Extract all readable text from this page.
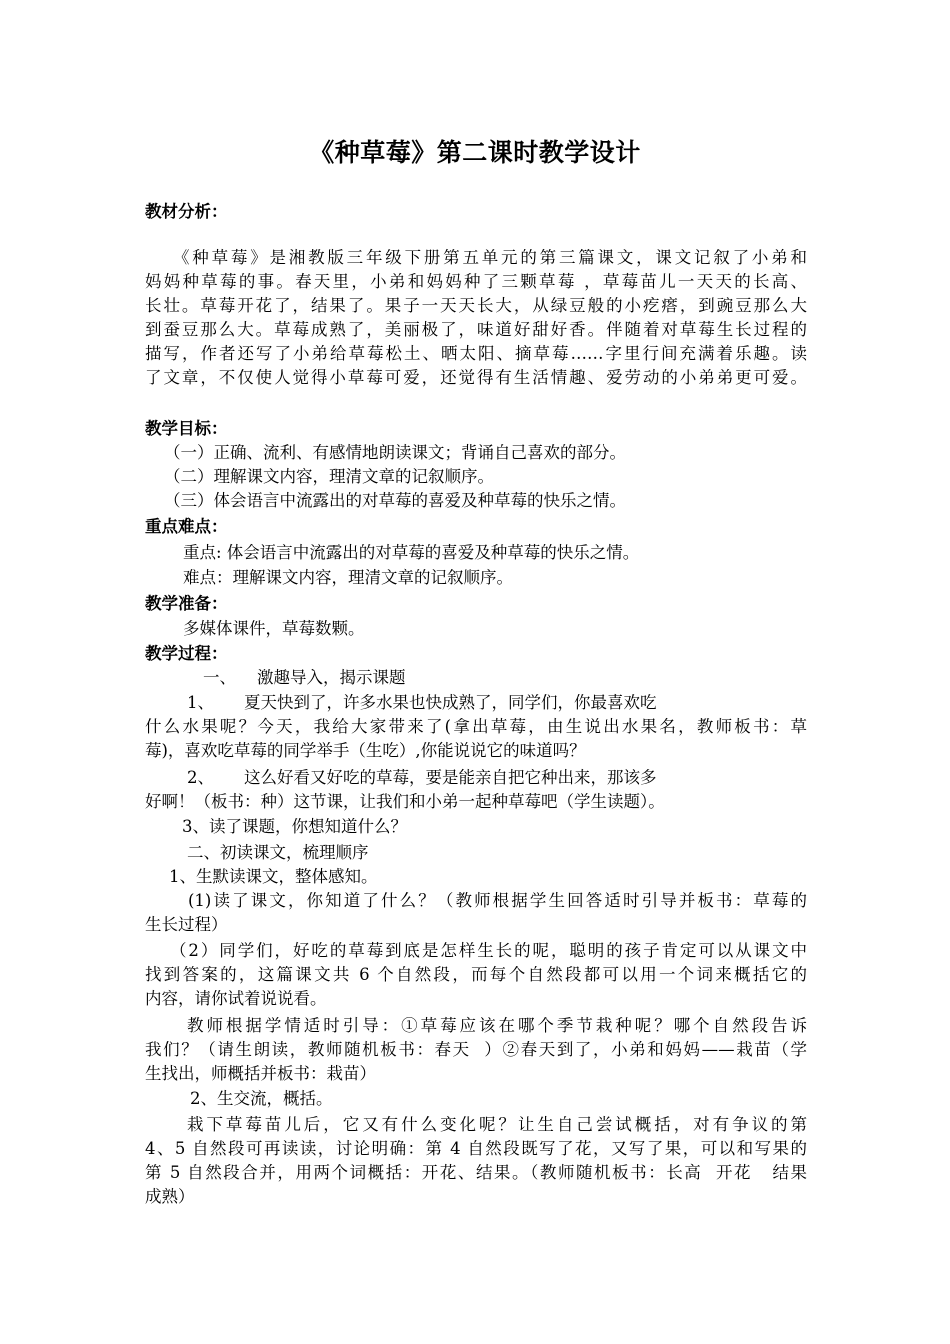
《种草莓》第二课时教学设计
教材分析：
《种草莓》是湘教版三年级下册第五单元的第三篇课文，课文记叙了小弟和
妈妈种草莓的事。春天里，小弟和妈妈种了三颗草莓 ，草莓苗儿一天天的长高、
长壮。草莓开花了，结果了。果子一天天长大，从绿豆般的小疙瘩，到豌豆那么大
到蚕豆那么大。草莓成熟了，美丽极了，味道好甜好香。伴随着对草莓生长过程的
描写，作者还写了小弟给草莓松土、晒太阳、摘草莓……字里行间充满着乐趣。读
了文章，不仅使人觉得小草莓可爱，还觉得有生活情趣、爱劳动的小弟弟更可爱。
教学目标：
（一）正确、流利、有感情地朗读课文；背诵自己喜欢的部分。
（二）理解课文内容，理清文章的记叙顺序。
（三）体会语言中流露出的对草莓的喜爱及种草莓的快乐之情。
重点难点：
重点: 体会语言中流露出的对草莓的喜爱及种草莓的快乐之情。
难点：理解课文内容，理清文章的记叙顺序。
教学准备：
多媒体课件，草莓数颗。
教学过程：
一、    激趣导入，揭示课题
1、 夏天快到了，许多水果也快成熟了，同学们，你最喜欢吃
什么水果呢？今天，我给大家带来了(拿出草莓，由生说出水果名，教师板书：草
莓)，喜欢吃草莓的同学举手（生吃）,你能说说它的味道吗？
2、 这么好看又好吃的草莓，要是能亲自把它种出来，那该多
好啊！（板书：种）这节课，让我们和小弟一起种草莓吧（学生读题）。
3、读了课题，你想知道什么？
二、初读课文，梳理顺序
1、生默读课文，整体感知。
(1)读了课文，你知道了什么？（教师根据学生回答适时引导并板书：草莓的
生长过程）
（2）同学们，好吃的草莓到底是怎样生长的呢，聪明的孩子肯定可以从课文中
找到答案的，这篇课文共 6 个自然段，而每个自然段都可以用一个词来概括它的
内容，请你试着说说看。
教师根据学情适时引导：①草莓应该在哪个季节栽种呢？哪个自然段告诉
我们？（请生朗读，教师随机板书：春天  ）②春天到了，小弟和妈妈——栽苗（学
生找出，师概括并板书：栽苗）
2、生交流，概括。
栽下草莓苗儿后，它又有什么变化呢？让生自己尝试概括，对有争议的第
4、5 自然段可再读读，讨论明确：第 4 自然段既写了花，又写了果，可以和写果的
第 5 自然段合并，用两个词概括：开花、结果。（教师随机板书：长高  开花   结果
成熟）
